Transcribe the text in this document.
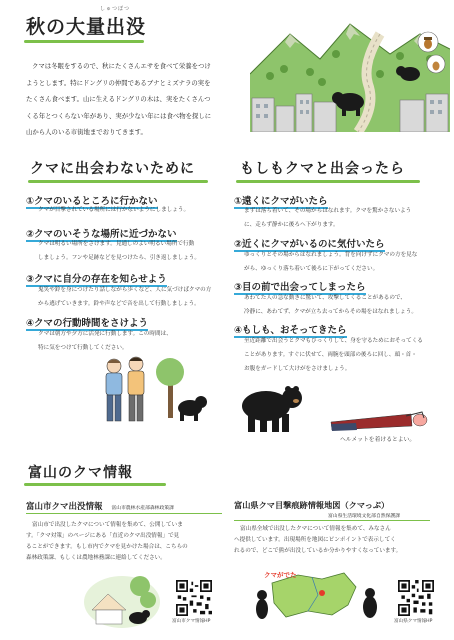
しゅつぼつ
秋の大量出没
クマは冬眠をするので、秋にたくさんエサを食べて栄養をつけ
ようとします。特にドングリの仲間であるブナとミズナラの実を
たくさん食べます。山に生えるドングリの木は、実をたくさんつ
くる年とつくらない年があり、実が少ない年には食べ物を探しに
山から人のいる市街地までおりてきます。
クマに出会わないために
①クマのいるところに行かない
クマが目撃されている場所には行かないようにしましょう。
②クマのいそうな場所に近づかない
クマは明るい場所をさけます。見通しのよい明るい場所で行動
しましょう。フンや足跡などを見つけたら、引き返しましょう。
③クマに自分の存在を知らせよう
鬼笑や鈴を身につけたり話しながら歩くなど、人に気づけばクマの方
から逃げていきます。鈴や声などで音を出して行動しましょう。
④クマの行動時間をさけよう
クマは朝方や夕方に活発に行動します。この時間は、
特に気をつけて行動してください。
もしもクマと出会ったら
①遠くにクマがいたら
まずは落ち着いて、その場からはなれます。クマを驚かさないよう
に、走らず静かに後ろへ下がります。
②近くにクマがいるのに気付いたら
ゆっくりとその場からはなれましょう。背を向けずにクマの方を見な
がら、ゆっくり落ち着いて後ろに下がってください。
③目の前で出会ってしまったら
あわてた人の急な動きに驚いて、攻撃してくることがあるので、
冷静に、あわてず、クマが立ち去ってからその場をはなれましょう。
④もしも、おそってきたら
至近距離で出会うとクマもびっくりして、身を守るためにおそってくる
ことがあります。すぐに伏せて、両腕を頭部の後ろに回し、頭・首・
お腹をガードして大けがをさけましょう。
ヘルメットを着けるとよい。
富山のクマ情報
富山市クマ出没情報 富山市農林水産部森林政策課
富山市で出没したクマについて情報を集めて、公開していま
す。「クマ対策」のページにある「直近のクマ出没情報」で見
ることができます。もし市内でクマを見かけた場合は、こちらの
森林政策課、もしくは農地林務課に連絡してください。
富山市クマ情報HP
富山県クマ目撃痕跡情報地図（クマっぷ）
富山県生活環境文化部自然保護課
富山県全域で出没したクマについて情報を集めて、みなさん
へ提供しています。出現場所を地図にピンポイントで表示してく
れるので、どこで熊が出没しているか分かりやすくなっています。
クマがでた
富山県クマ情報HP
